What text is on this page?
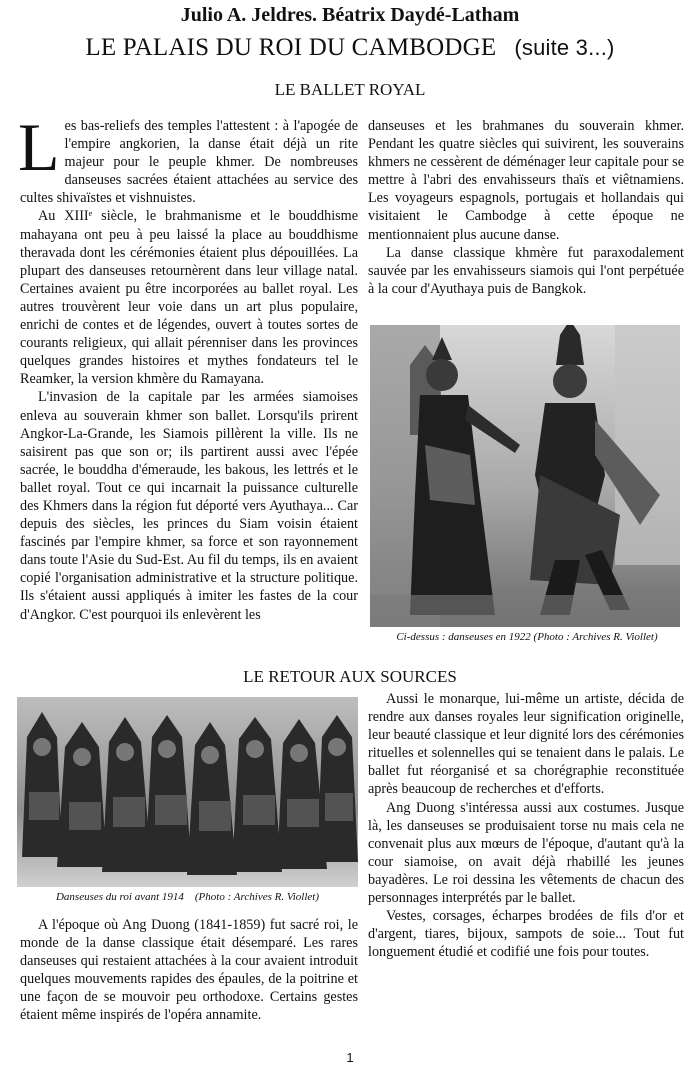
Julio A. Jeldres. Béatrix Daydé-Latham
LE PALAIS DU ROI DU CAMBODGE (suite 3...)
LE BALLET ROYAL

Les bas-reliefs des temples l'attestent : à l'apogée de l'empire angkorien, la danse était déjà un rite majeur pour le peuple khmer. De nombreuses danseuses sacrées étaient attachées au service des cultes shivaïstes et vishnuistes.

Au XIIIᵉ siècle, le brahmanisme et le bouddhisme mahayana ont peu à peu laissé la place au bouddhisme theravada dont les cérémonies étaient plus dépouillées. La plupart des danseuses retournèrent dans leur village natal. Certaines avaient pu être incorporées au ballet royal. Les autres trouvèrent leur voie dans un art plus populaire, enrichi de contes et de légendes, ouvert à toutes sortes de courants religieux, qui allait pérenniser dans les provinces quelques grandes histoires et mythes fondateurs tel le Reamker, la version khmère du Ramayana.

L'invasion de la capitale par les armées siamoises enleva au souverain khmer son ballet. Lorsqu'ils prirent Angkor-La-Grande, les Siamois pillèrent la ville. Ils ne saisirent pas que son or; ils partirent aussi avec l'épée sacrée, le bouddha d'émeraude, les bakous, les lettrés et le ballet royal. Tout ce qui incarnait la puissance culturelle des Khmers dans la région fut déporté vers Ayuthaya... Car depuis des siècles, les princes du Siam voisin étaient fascinés par l'empire khmer, sa force et son rayonnement dans toute l'Asie du Sud-Est. Au fil du temps, ils en avaient copié l'organisation administrative et la structure politique. Ils s'étaient aussi appliqués à imiter les fastes de la cour d'Angkor. C'est pourquoi ils enlevèrent les

danseuses et les brahmanes du souverain khmer. Pendant les quatre siècles qui suivirent, les souverains khmers ne cessèrent de déménager leur capitale pour se mettre à l'abri des envahisseurs thaïs et viêtnamiens. Les voyageurs espagnols, portugais et hollandais qui visitaient le Cambodge à cette époque ne mentionnaient plus aucune danse.

La danse classique khmère fut paraxodalement sauvée par les envahisseurs siamois qui l'ont perpétuée à la cour d'Ayuthaya puis de Bangkok.

Ci-dessus : danseuses en 1922 (Photo : Archives R. Viollet)
LE RETOUR AUX SOURCES
Danseuses du roi avant 1914    (Photo : Archives R. Viollet)

A l'époque où Ang Duong (1841-1859) fut sacré roi, le monde de la danse classique était désemparé. Les rares danseuses qui restaient attachées à la cour avaient introduit quelques mouvements rapides des épaules, de la poitrine et une façon de se mouvoir peu orthodoxe. Certains gestes étaient même inspirés de l'opéra annamite.

Aussi le monarque, lui-même un artiste, décida de rendre aux danses royales leur signification originelle, leur beauté classique et leur dignité lors des cérémonies rituelles et solennelles qui se tenaient dans le palais. Le ballet fut réorganisé et sa chorégraphie reconstituée après beaucoup de recherches et d'efforts.

Ang Duong s'intéressa aussi aux costumes. Jusque là, les danseuses se produisaient torse nu mais cela ne convenait plus aux mœurs de l'époque, d'autant qu'à la cour siamoise, on avait déjà rhabillé les jeunes bayadères. Le roi dessina les vêtements de chacun des personnages interprétés par le ballet.

Vestes, corsages, écharpes brodées de fils d'or et d'argent, tiares, bijoux, sampots de soie... Tout fut longuement étudié et codifié une fois pour toutes.

1
